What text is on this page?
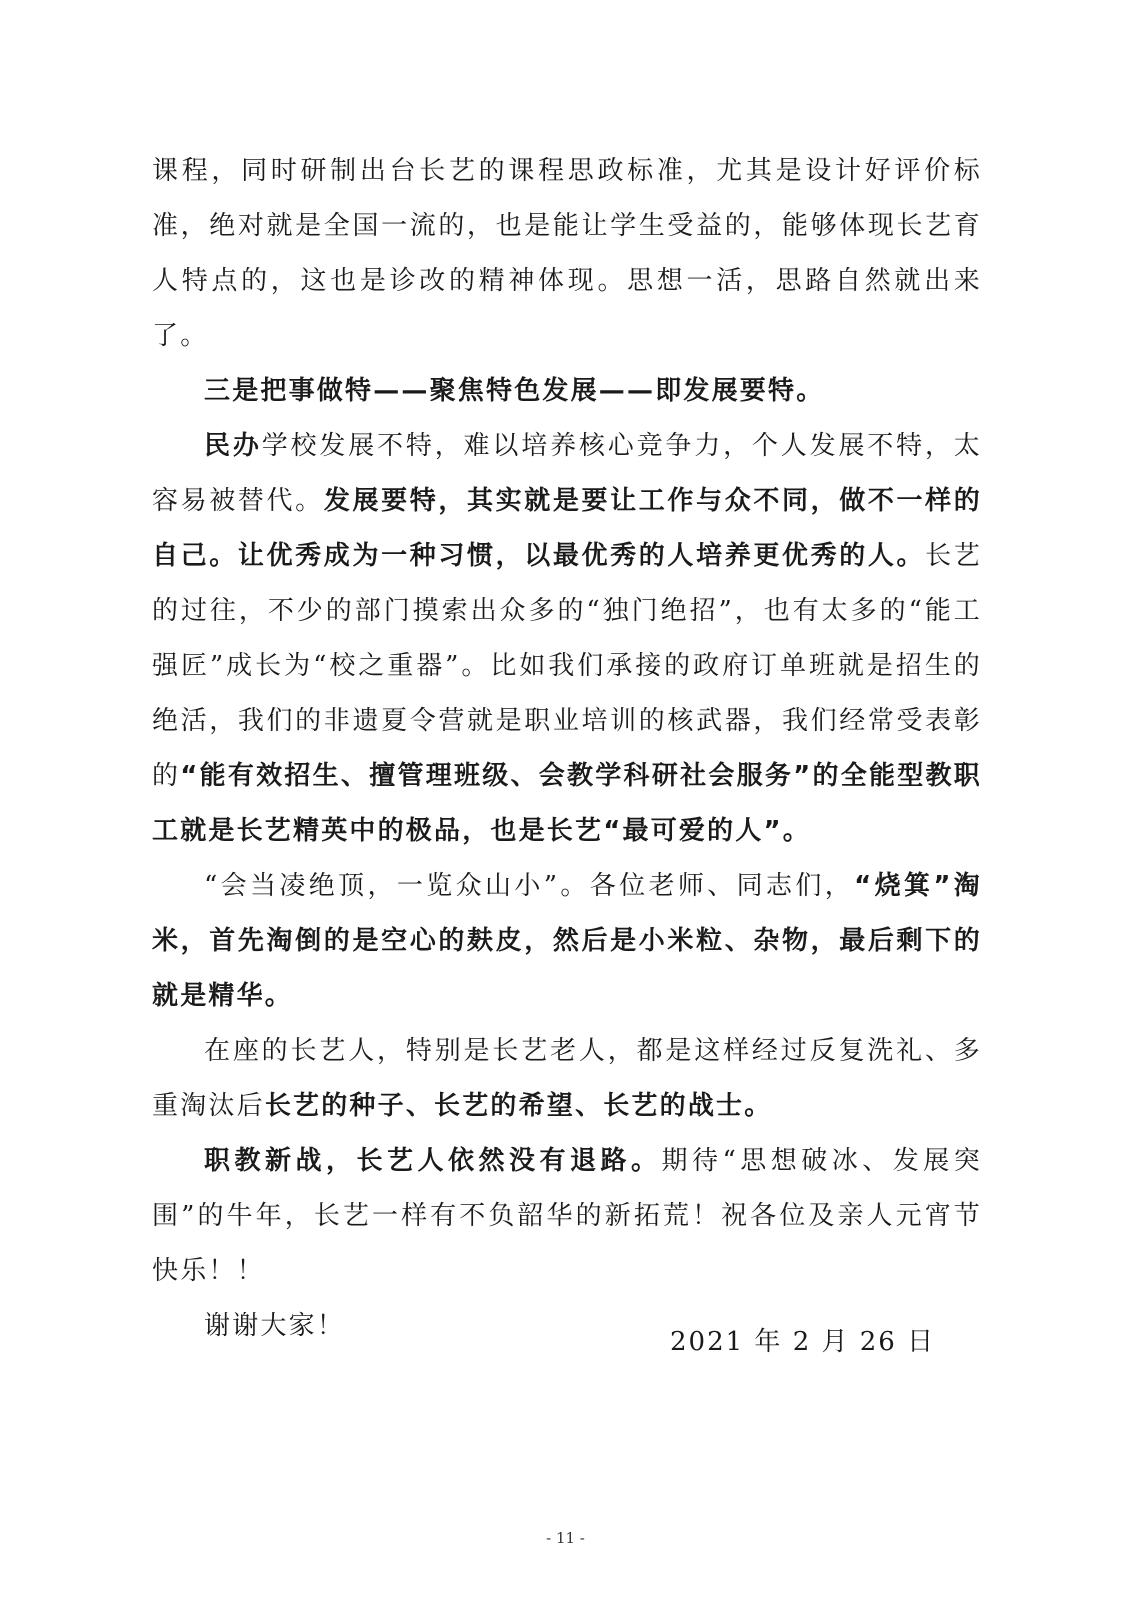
课程，同时研制出台长艺的课程思政标准，尤其是设计好评价标准，绝对就是全国一流的，也是能让学生受益的，能够体现长艺育人特点的，这也是诊改的精神体现。思想一活，思路自然就出来了。

三是把事做特——聚焦特色发展——即发展要特。

民办学校发展不特，难以培养核心竞争力，个人发展不特，太容易被替代。发展要特，其实就是要让工作与众不同，做不一样的自己。让优秀成为一种习惯，以最优秀的人培养更优秀的人。长艺的过往，不少的部门摸索出众多的“独门绝招”，也有太多的“能工强匠”成长为“校之重器”。比如我们承接的政府订单班就是招生的绝活，我们的非遗夏令营就是职业培训的核武器，我们经常受表彰的“能有效招生、擅管理班级、会教学科研社会服务”的全能型教职工就是长艺精英中的极品，也是长艺“最可爱的人”。

“会当凌绝顶，一览众山小”。各位老师、同志们，“烧箕”淘米，首先淘倒的是空心的麸皮，然后是小米粒、杂物，最后剩下的就是精华。

在座的长艺人，特别是长艺老人，都是这样经过反复洗礼、多重淘汰后长艺的种子、长艺的希望、长艺的战士。

职教新战，长艺人依然没有退路。期待“思想破冰、发展突围”的牛年，长艺一样有不负韶华的新拓荒！祝各位及亲人元宵节快乐！！

谢谢大家！

2021 年 2 月 26 日
- 11 -
